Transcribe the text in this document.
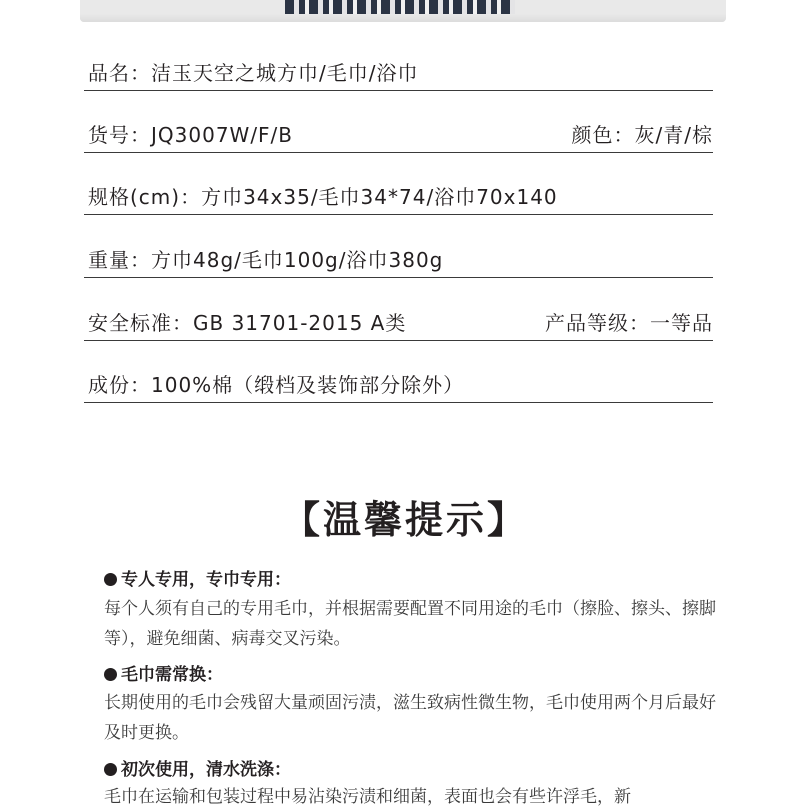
品名：洁玉天空之城方巾/毛巾/浴巾
货号：JQ3007W/F/B	颜色：灰/青/棕
规格(cm)：方巾34x35/毛巾34*74/浴巾70x140
重量：方巾48g/毛巾100g/浴巾380g
安全标准：GB 31701-2015 A类	产品等级：一等品
成份：100%棉（缎档及装饰部分除外）
【温馨提示】
专人专用，专巾专用：
每个人须有自己的专用毛巾，并根据需要配置不同用途的毛巾（擦脸、擦头、擦脚等），避免细菌、病毒交叉污染。
毛巾需常换：
长期使用的毛巾会残留大量顽固污渍，滋生致病性微生物，毛巾使用两个月后最好及时更换。
初次使用，清水洗涤：
毛巾在运输和包装过程中易沾染污渍和细菌，表面也会有些许浮毛，新
